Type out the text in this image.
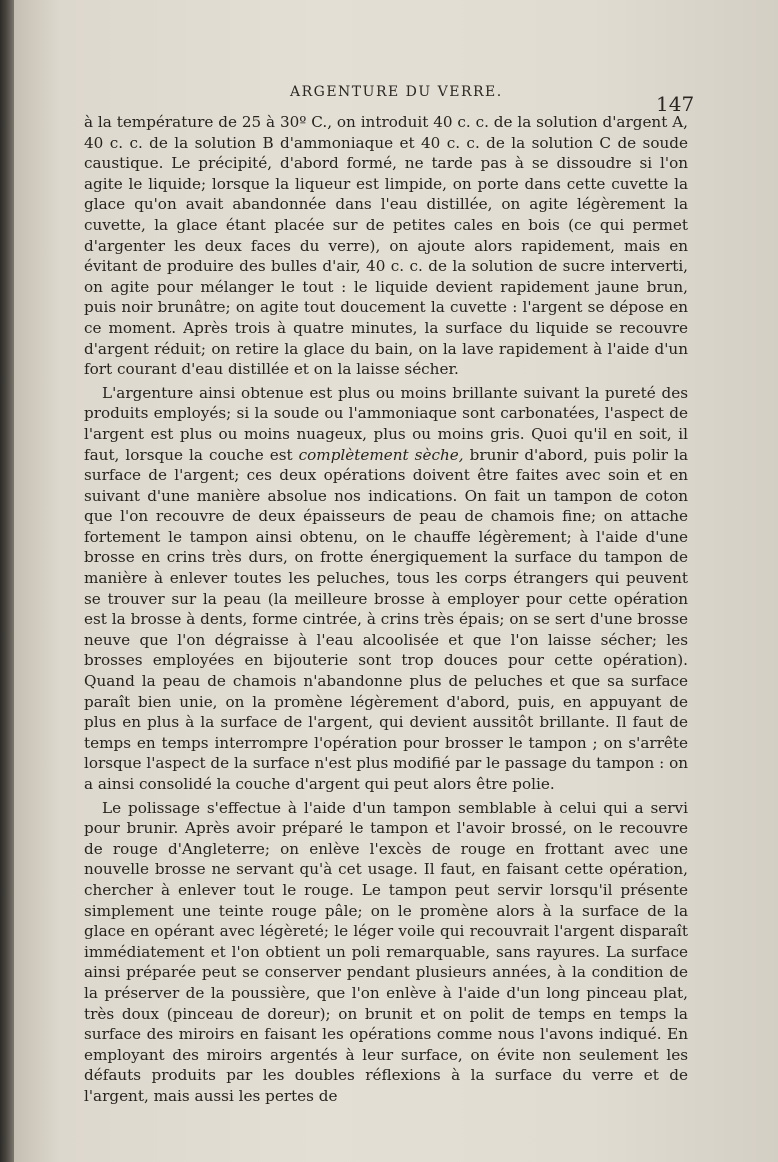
ARGENTURE DU VERRE.	147

à la température de 25 à 30º C., on introduit 40 c. c. de la solution d'argent A, 40 c. c. de la solution B d'ammoniaque et 40 c. c. de la solution C de soude caustique. Le précipité, d'abord formé, ne tarde pas à se dissoudre si l'on agite le liquide; lorsque la liqueur est limpide, on porte dans cette cuvette la glace qu'on avait abandonnée dans l'eau distillée, on agite légèrement la cuvette, la glace étant placée sur de petites cales en bois (ce qui permet d'argenter les deux faces du verre), on ajoute alors rapidement, mais en évitant de produire des bulles d'air, 40 c. c. de la solution de sucre interverti, on agite pour mélanger le tout : le liquide devient rapidement jaune brun, puis noir brunâtre; on agite tout doucement la cuvette : l'argent se dépose en ce moment. Après trois à quatre minutes, la surface du liquide se recouvre d'argent réduit; on retire la glace du bain, on la lave rapidement à l'aide d'un fort courant d'eau distillée et on la laisse sécher.

L'argenture ainsi obtenue est plus ou moins brillante suivant la pureté des produits employés; si la soude ou l'ammoniaque sont carbonatées, l'aspect de l'argent est plus ou moins nuageux, plus ou moins gris. Quoi qu'il en soit, il faut, lorsque la couche est complètement sèche, brunir d'abord, puis polir la surface de l'argent; ces deux opérations doivent être faites avec soin et en suivant d'une manière absolue nos indications. On fait un tampon de coton que l'on recouvre de deux épaisseurs de peau de chamois fine; on attache fortement le tampon ainsi obtenu, on le chauffe légèrement; à l'aide d'une brosse en crins très durs, on frotte énergiquement la surface du tampon de manière à enlever toutes les peluches, tous les corps étrangers qui peuvent se trouver sur la peau (la meilleure brosse à employer pour cette opération est la brosse à dents, forme cintrée, à crins très épais; on se sert d'une brosse neuve que l'on dégraisse à l'eau alcoolisée et que l'on laisse sécher; les brosses employées en bijouterie sont trop douces pour cette opération). Quand la peau de chamois n'abandonne plus de peluches et que sa surface paraît bien unie, on la promène légèrement d'abord, puis, en appuyant de plus en plus à la surface de l'argent, qui devient aussitôt brillante. Il faut de temps en temps interrompre l'opération pour brosser le tampon ; on s'arrête lorsque l'aspect de la surface n'est plus modifié par le passage du tampon : on a ainsi consolidé la couche d'argent qui peut alors être polie.

Le polissage s'effectue à l'aide d'un tampon semblable à celui qui a servi pour brunir. Après avoir préparé le tampon et l'avoir brossé, on le recouvre de rouge d'Angleterre; on enlève l'excès de rouge en frottant avec une nouvelle brosse ne servant qu'à cet usage. Il faut, en faisant cette opération, chercher à enlever tout le rouge. Le tampon peut servir lorsqu'il présente simplement une teinte rouge pâle; on le promène alors à la surface de la glace en opérant avec légèreté; le léger voile qui recouvrait l'argent disparaît immédiatement et l'on obtient un poli remarquable, sans rayures. La surface ainsi préparée peut se conserver pendant plusieurs années, à la condition de la préserver de la poussière, que l'on enlève à l'aide d'un long pinceau plat, très doux (pinceau de doreur); on brunit et on polit de temps en temps la surface des miroirs en faisant les opérations comme nous l'avons indiqué. En employant des miroirs argentés à leur surface, on évite non seulement les défauts produits par les doubles réflexions à la surface du verre et de l'argent, mais aussi les pertes de
